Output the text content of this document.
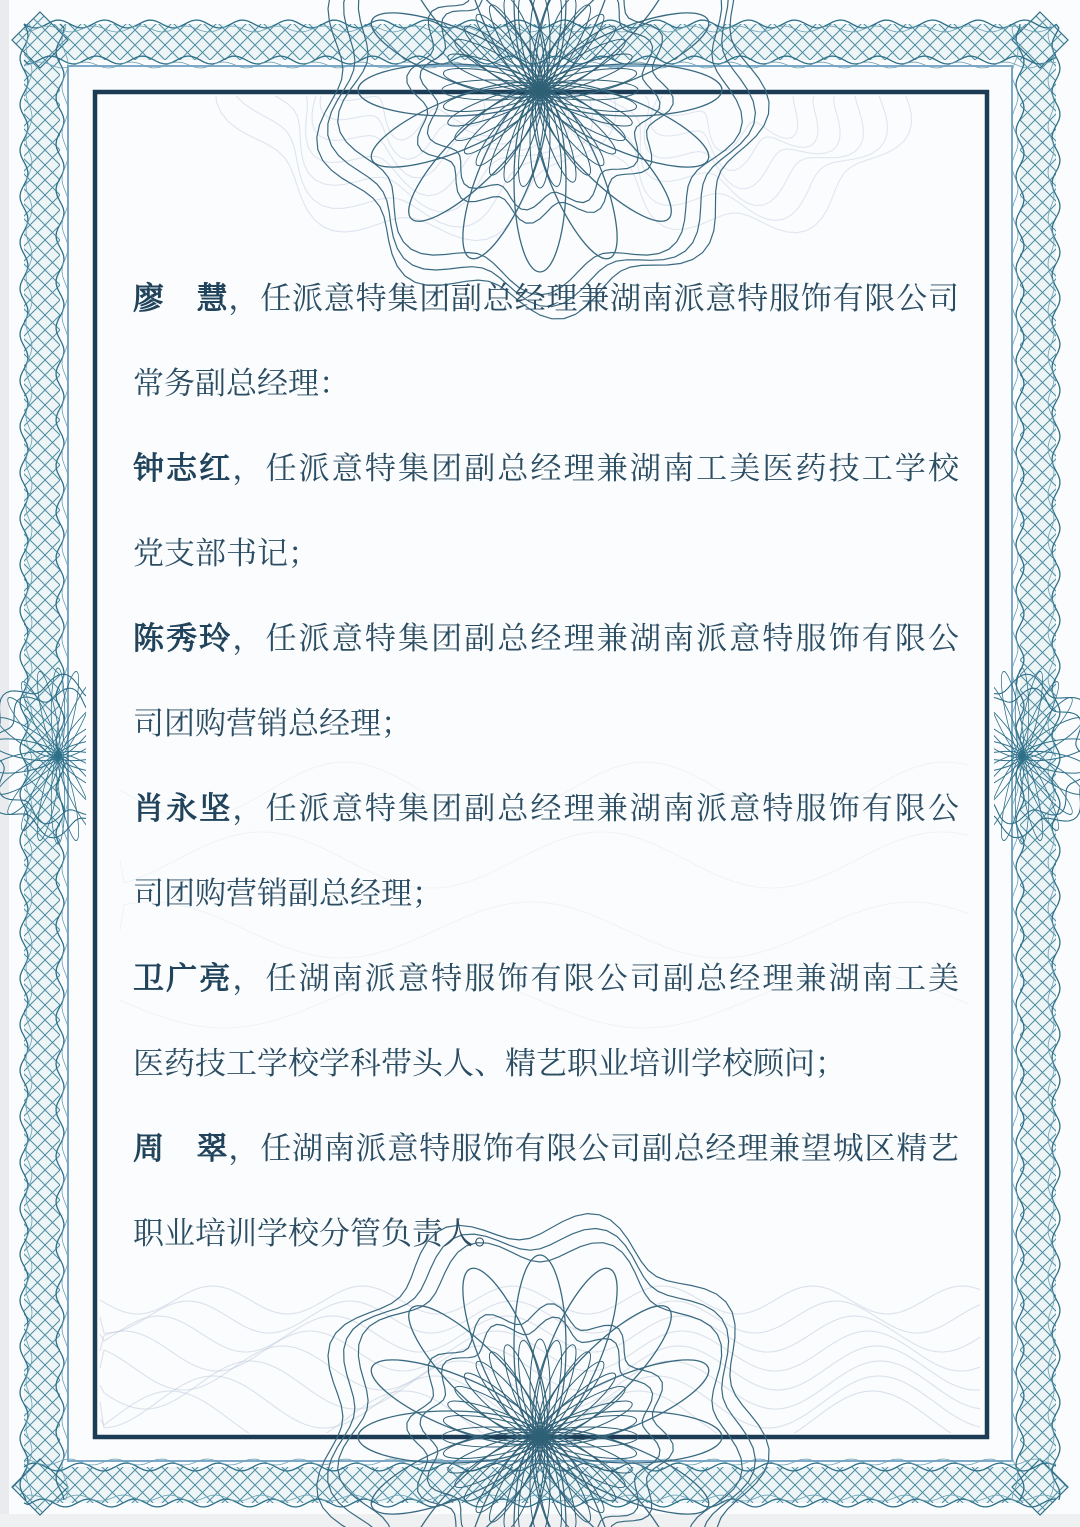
廖　慧，任派意特集团副总经理兼湖南派意特服饰有限公司
常务副总经理：
钟志红，任派意特集团副总经理兼湖南工美医药技工学校
党支部书记；
陈秀玲，任派意特集团副总经理兼湖南派意特服饰有限公
司团购营销总经理；
肖永坚，任派意特集团副总经理兼湖南派意特服饰有限公
司团购营销副总经理；
卫广亮，任湖南派意特服饰有限公司副总经理兼湖南工美
医药技工学校学科带头人、精艺职业培训学校顾问；
周　翠，任湖南派意特服饰有限公司副总经理兼望城区精艺
职业培训学校分管负责人。
